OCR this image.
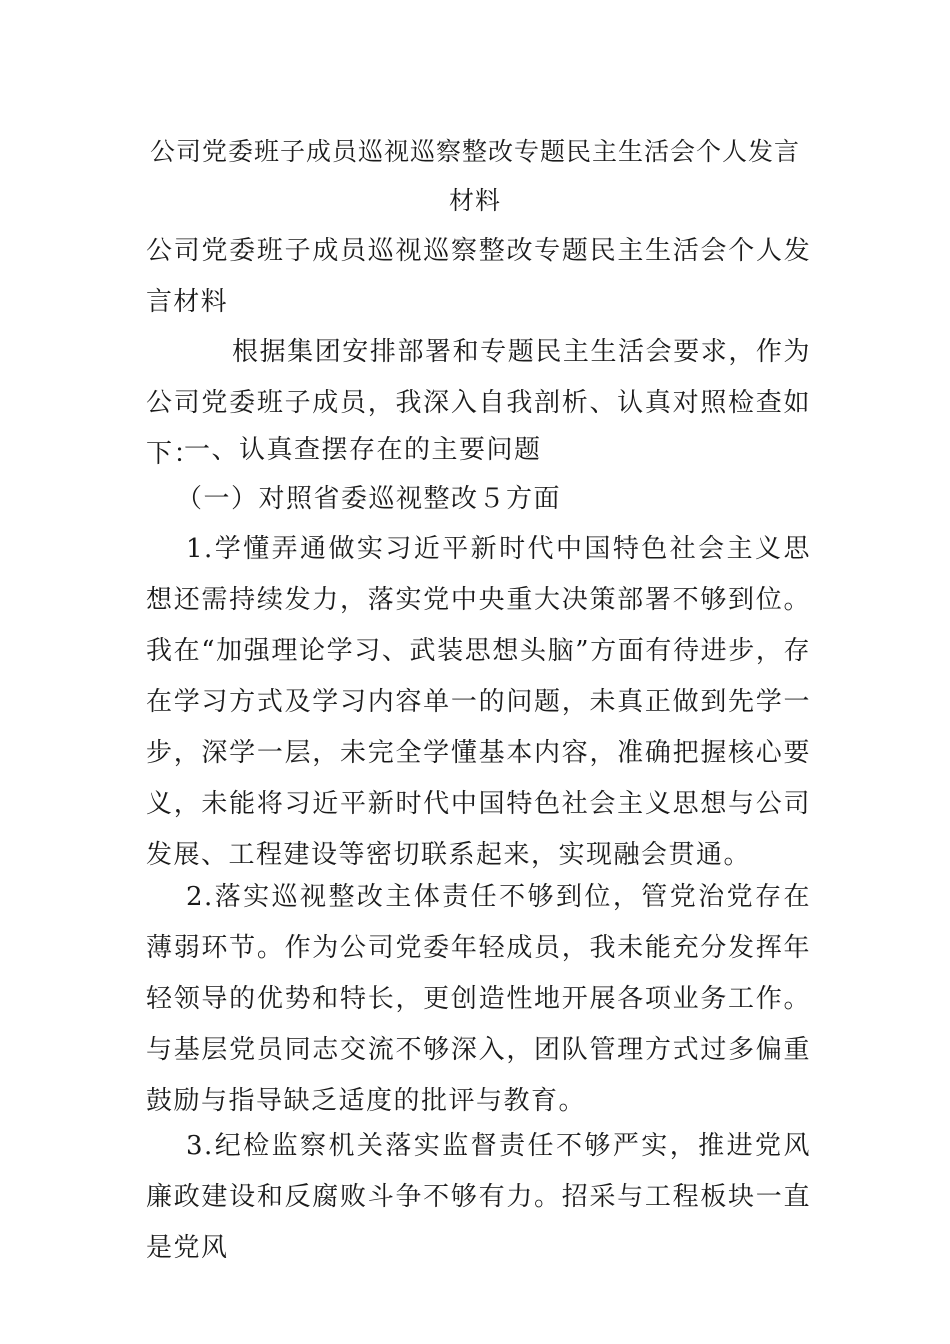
公司党委班子成员巡视巡察整改专题民主生活会个人发言
材料

公司党委班子成员巡视巡察整改专题民主生活会个人发言材料

根据集团安排部署和专题民主生活会要求，作为公司党委班子成员，我深入自我剖析、认真对照检查如下：

一、认真查摆存在的主要问题

（一）对照省委巡视整改５方面

1.学懂弄通做实习近平新时代中国特色社会主义思想还需持续发力，落实党中央重大决策部署不够到位。我在“加强理论学习、武装思想头脑”方面有待进步，存在学习方式及学习内容单一的问题，未真正做到先学一步，深学一层，未完全学懂基本内容，准确把握核心要义，未能将习近平新时代中国特色社会主义思想与公司发展、工程建设等密切联系起来，实现融会贯通。

2.落实巡视整改主体责任不够到位，管党治党存在薄弱环节。作为公司党委年轻成员，我未能充分发挥年轻领导的优势和特长，更创造性地开展各项业务工作。与基层党员同志交流不够深入，团队管理方式过多偏重鼓励与指导缺乏适度的批评与教育。

3.纪检监察机关落实监督责任不够严实，推进党风廉政建设和反腐败斗争不够有力。招采与工程板块一直是党风
